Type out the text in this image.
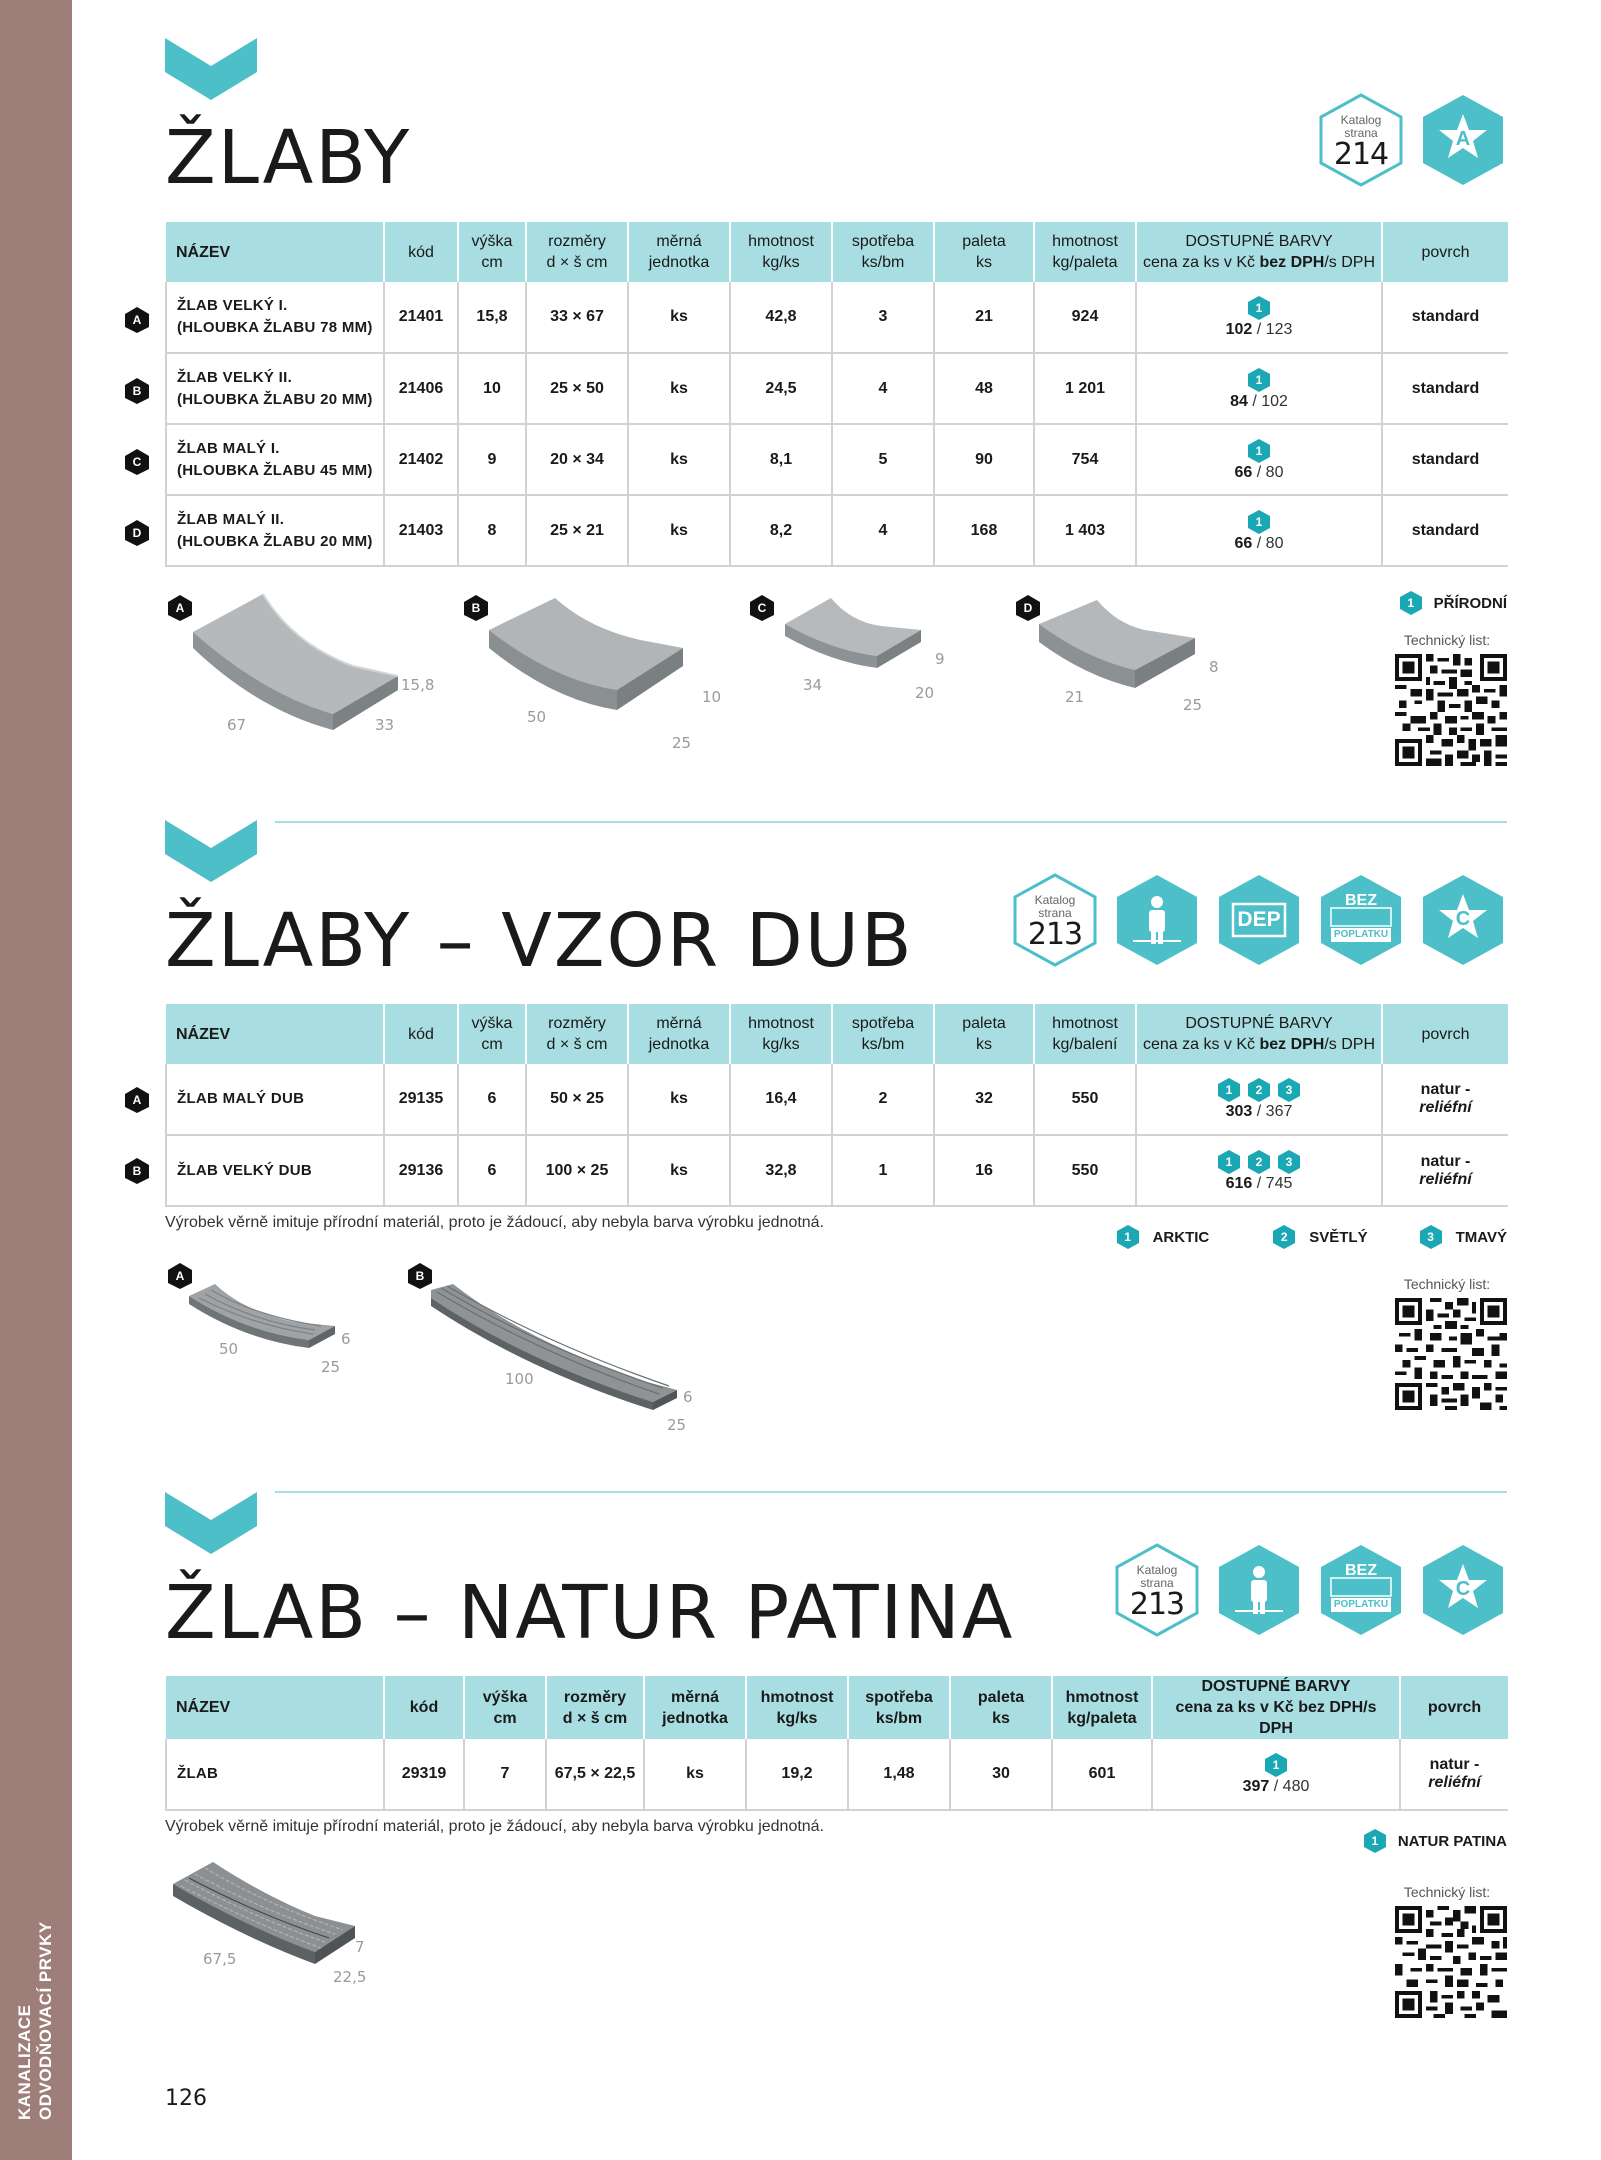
KANALIZACE ODVODŇOVACÍ PRVKY
ŽLABY	Katalog
strana
214	A
NÁZEV	kód	výška
cm	rozměry
d × š cm	měrná
jednotka	hmotnost
kg/ks	spotřeba
ks/bm	paleta
ks	hmotnost
kg/paleta	DOSTUPNÉ BARVY
cena za ks v Kč bez DPH/s DPH	povrch
ŽLAB VELKÝ I.
(HLOUBKA ŽLABU 78 MM)	21401	15,8	33 × 67	ks	42,8	3	21	924	1

102 / 123	standard
ŽLAB VELKÝ II.
(HLOUBKA ŽLABU 20 MM)	21406	10	25 × 50	ks	24,5	4	48	1 201	1

84 / 102	standard
ŽLAB MALÝ I.
(HLOUBKA ŽLABU 45 MM)	21402	9	20 × 34	ks	8,1	5	90	754	1

66 / 80	standard
ŽLAB MALÝ II.
(HLOUBKA ŽLABU 20 MM)	21403	8	25 × 21	ks	8,2	4	168	1 403	1

66 / 80	standard
A
B
C
D
A
67	33
15,8
B
50
25
10
C
34	20
9
D
21	25
8
1	PŘÍRODNÍ
Technický list:
ŽLABY – VZOR DUB	Katalog
strana
213	DEP
BEZ
POPLATKU
C
NÁZEV	kód	výška
cm	rozměry
d × š cm	měrná
jednotka	hmotnost
kg/ks	spotřeba
ks/bm	paleta
ks	hmotnost
kg/balení	DOSTUPNÉ BARVY
cena za ks v Kč bez DPH/s DPH	povrch
ŽLAB MALÝ DUB	29135	6	50 × 25	ks	16,4	2	32	550	1 2 3

303 / 367	natur -
reliéfní
ŽLAB VELKÝ DUB	29136	6	100 × 25	ks	32,8	1	16	550	1 2 3

616 / 745	natur -
reliéfní
A
B
Výrobek věrně imituje přírodní materiál, proto je žádoucí, aby nebyla barva výrobku jednotná.
1	ARKTIC	2	SVĚTLÝ	3	TMAVÝ
A
50
25
6
B
100
25
6
Technický list:
ŽLAB – NATUR PATINA	Katalog
strana
213
BEZ
POPLATKU
C
NÁZEV	kód	výška
cm	rozměry
d × š cm	měrná
jednotka	hmotnost
kg/ks	spotřeba
ks/bm	paleta
ks	hmotnost
kg/paleta	DOSTUPNÉ BARVY
cena za ks v Kč bez DPH/s DPH	povrch
ŽLAB	29319	7	67,5 × 22,5	ks	19,2	1,48	30	601	1

397 / 480	natur -
reliéfní
Výrobek věrně imituje přírodní materiál, proto je žádoucí, aby nebyla barva výrobku jednotná.
1	NATUR PATINA
67,5
22,5
7
Technický list:
126
